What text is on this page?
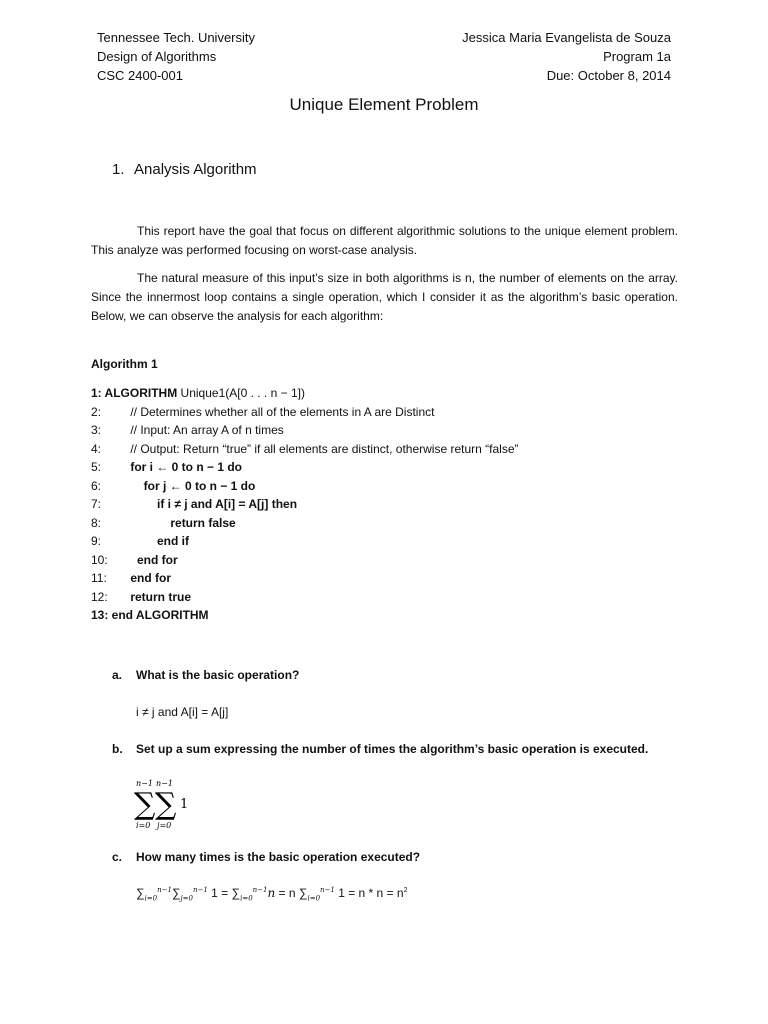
Tennessee Tech. University
Design of Algorithms
CSC 2400-001
Jessica Maria Evangelista de Souza
Program 1a
Due: October 8, 2014
Unique Element Problem
1. Analysis Algorithm
This report have the goal that focus on different algorithmic solutions to the unique element problem. This analyze was performed focusing on worst-case analysis.
The natural measure of this input’s size in both algorithms is n, the number of elements on the array. Since the innermost loop contains a single operation, which I consider it as the algorithm’s basic operation. Below, we can observe the analysis for each algorithm:
Algorithm 1
1: ALGORITHM Unique1(A[0 . . . n − 1])
2:    // Determines whether all of the elements in A are Distinct
3:    // Input: An array A of n times
4:    // Output: Return “true” if all elements are distinct, otherwise return “false”
5:    for i ← 0 to n − 1 do
6:        for j ← 0 to n − 1 do
7:            if i ≠ j and A[i] = A[j] then
8:                return false
9:            end if
10:      end for
11:    end for
12:    return true
13: end ALGORITHM
a. What is the basic operation?
i ≠ j and A[i] = A[j]
b. Set up a sum expressing the number of times the algorithm’s basic operation is executed.
n−1
∑
i=0
n−1
∑
j=0
1
c. How many times is the basic operation executed?
$\sum_{i=0}^{n-1}\sum_{j=0}^{n-1}$ $1 = \sum_{i=0}^{n-1}n = n$ $\sum_{i=0}^{n-1}$ $1 = n * n = n^2$
